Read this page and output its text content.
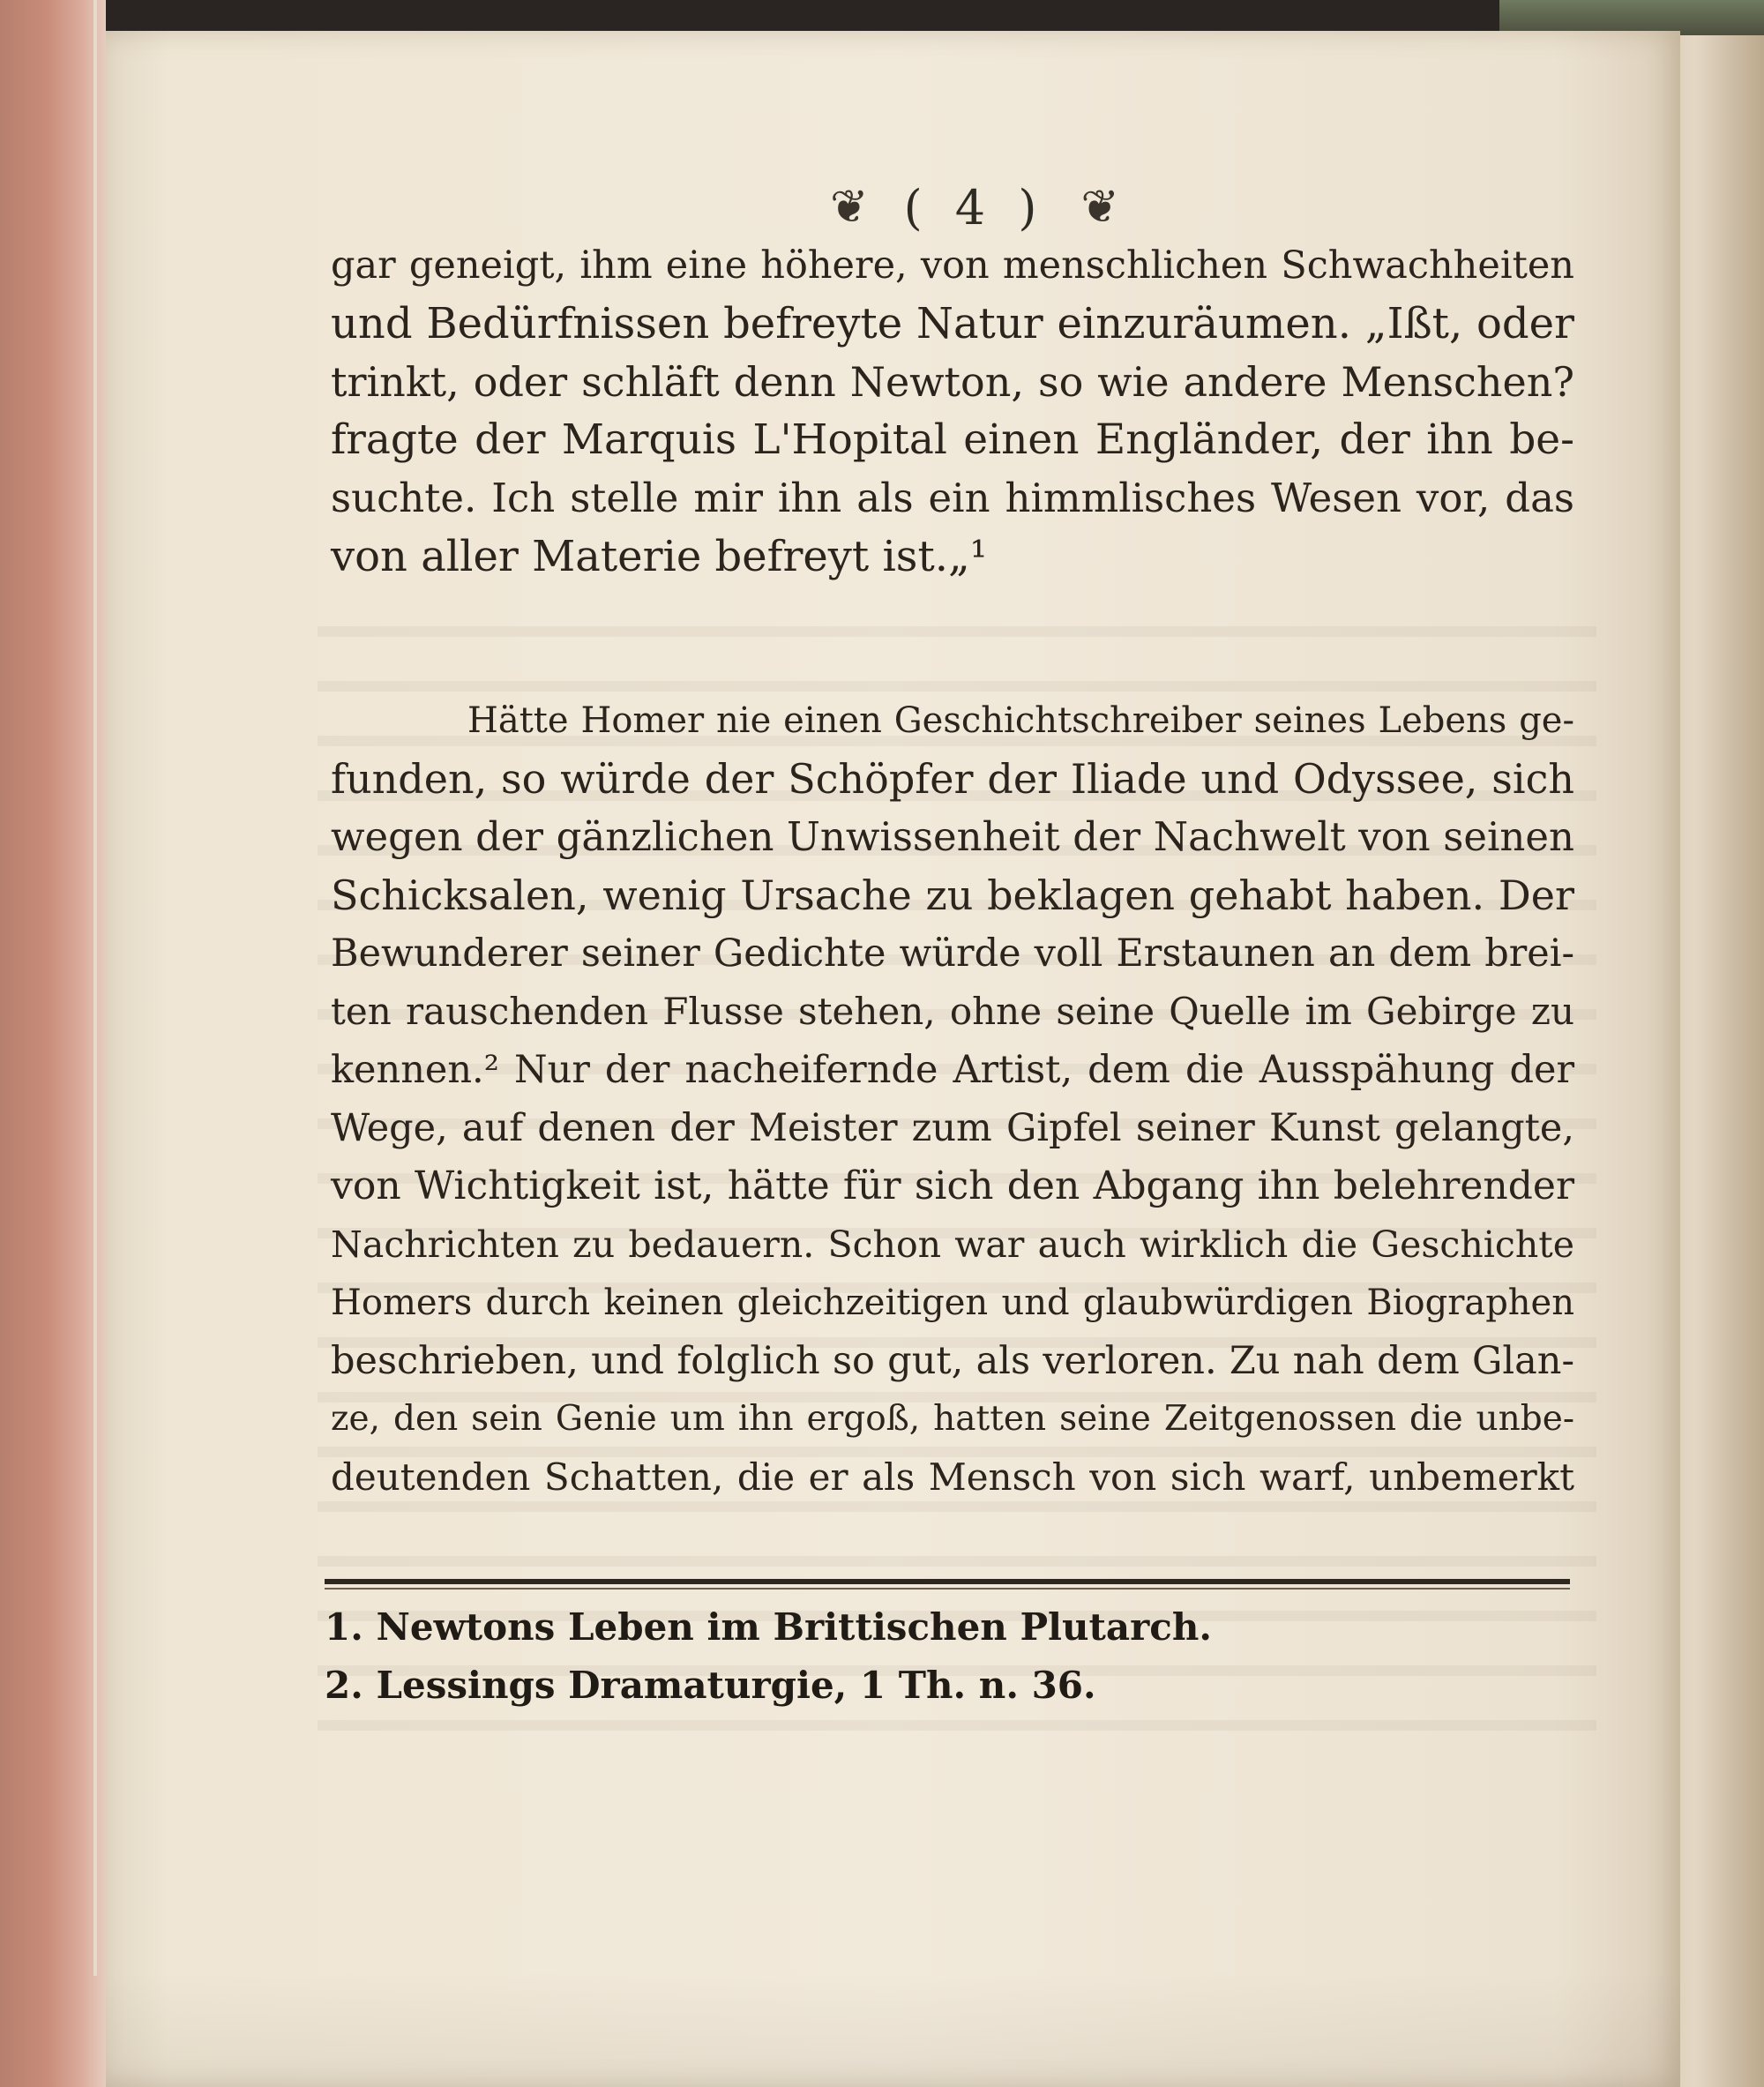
❦ ( 4 ) ❦
gar geneigt, ihm eine höhere, von menschlichen Schwachheiten
und Bedürfnissen befreyte Natur einzuräumen. „Ißt, oder
trinkt, oder schläft denn Newton, so wie andere Menschen?
fragte der Marquis L'Hopital einen Engländer, der ihn be-
suchte. Ich stelle mir ihn als ein himmlisches Wesen vor, das
von aller Materie befreyt ist.„¹
Hätte Homer nie einen Geschichtschreiber seines Lebens ge-
funden, so würde der Schöpfer der Iliade und Odyssee, sich
wegen der gänzlichen Unwissenheit der Nachwelt von seinen
Schicksalen, wenig Ursache zu beklagen gehabt haben. Der
Bewunderer seiner Gedichte würde voll Erstaunen an dem brei-
ten rauschenden Flusse stehen, ohne seine Quelle im Gebirge zu
kennen.² Nur der nacheifernde Artist, dem die Ausspähung der
Wege, auf denen der Meister zum Gipfel seiner Kunst gelangte,
von Wichtigkeit ist, hätte für sich den Abgang ihn belehrender
Nachrichten zu bedauern. Schon war auch wirklich die Geschichte
Homers durch keinen gleichzeitigen und glaubwürdigen Biographen
beschrieben, und folglich so gut, als verloren. Zu nah dem Glan-
ze, den sein Genie um ihn ergoß, hatten seine Zeitgenossen die unbe-
deutenden Schatten, die er als Mensch von sich warf, unbemerkt
1. Newtons Leben im Brittischen Plutarch.
2. Lessings Dramaturgie, 1 Th. n. 36.
